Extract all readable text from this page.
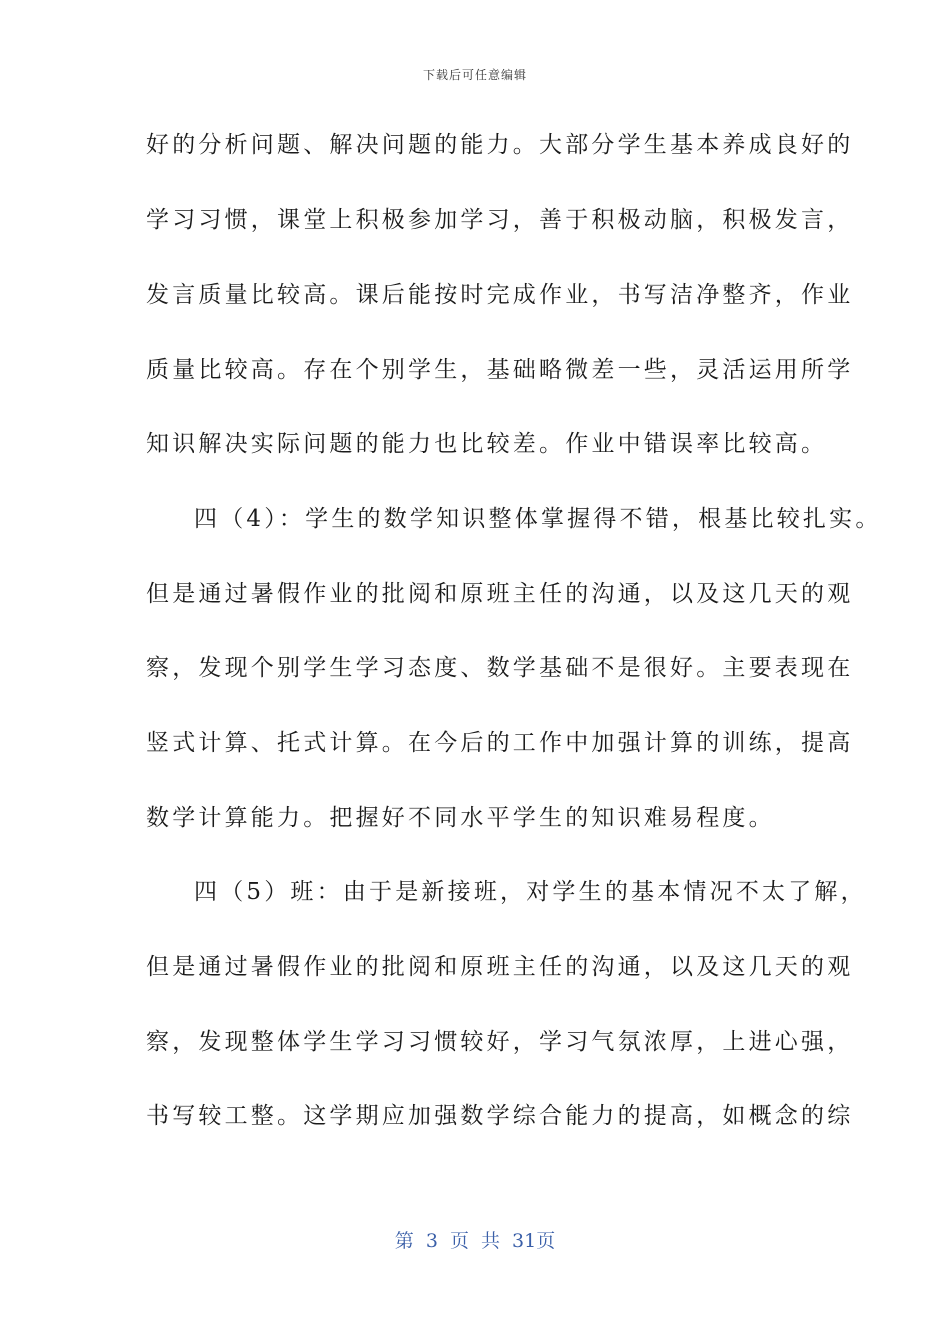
下载后可任意编辑
好的分析问题、解决问题的能力。大部分学生基本养成良好的
学习习惯，课堂上积极参加学习，善于积极动脑，积极发言，
发言质量比较高。课后能按时完成作业，书写洁净整齐，作业
质量比较高。存在个别学生，基础略微差一些，灵活运用所学
知识解决实际问题的能力也比较差。作业中错误率比较高。
四（4）：学生的数学知识整体掌握得不错，根基比较扎实。
但是通过暑假作业的批阅和原班主任的沟通，以及这几天的观
察，发现个别学生学习态度、数学基础不是很好。主要表现在
竖式计算、托式计算。在今后的工作中加强计算的训练，提高
数学计算能力。把握好不同水平学生的知识难易程度。
四（5）班：由于是新接班，对学生的基本情况不太了解，
但是通过暑假作业的批阅和原班主任的沟通，以及这几天的观
察，发现整体学生学习习惯较好，学习气氛浓厚，上进心强，
书写较工整。这学期应加强数学综合能力的提高，如概念的综
第 3 页 共 31页
